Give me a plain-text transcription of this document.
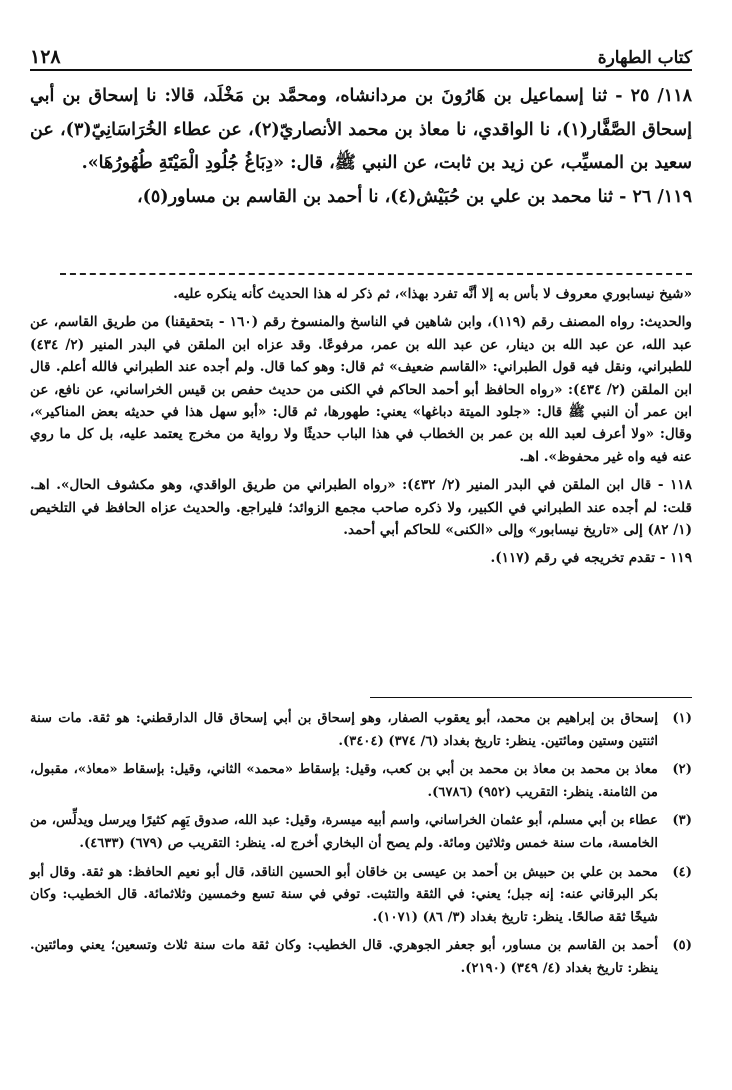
كتاب الطهارة
١٢٨

١١٨/ ٢٥ - ثنا إسماعيل بن هَارُونَ بن مردانشاه، ومحمَّد بن مَخْلَد، قالا: نا إسحاق بن أبي إسحاق الصَّفَّار(١)، نا الواقدي، نا معاذ بن محمد الأنصاريّ(٢)، عن عطاء الخُرَاسَانِيّ(٣)، عن سعيد بن المسيِّب، عن زيد بن ثابت، عن النبي ﷺ، قال: «دِبَاغُ جُلُودِ الْمَيْتَةِ طُهُورُهَا».

١١٩/ ٢٦ - ثنا محمد بن علي بن حُبَيْش(٤)، نا أحمد بن القاسم بن مساور(٥)،

«شيخ نيسابوري معروف لا بأس به إلا أنَّه تفرد بهذا»، ثم ذكر له هذا الحديث كأنه ينكره عليه.

والحديث: رواه المصنف رقم (١١٩)، وابن شاهين في الناسخ والمنسوخ رقم (١٦٠ - بتحقيقنا) من طريق القاسم، عن عبد الله، عن عبد الله بن دينار، عن عبد الله بن عمر، مرفوعًا. وقد عزاه ابن الملقن في البدر المنير (٢/ ٤٣٤) للطبراني، ونقل فيه قول الطبراني: «القاسم ضعيف» ثم قال: وهو كما قال. ولم أجده عند الطبراني فالله أعلم. قال ابن الملقن (٢/ ٤٣٤): «رواه الحافظ أبو أحمد الحاكم في الكنى من حديث حفص بن قيس الخراساني، عن نافع، عن ابن عمر أن النبي ﷺ قال: «جلود الميتة دباغها» يعني: طهورها، ثم قال: «أبو سهل هذا في حديثه بعض المناكير»، وقال: «ولا أعرف لعبد الله بن عمر بن الخطاب في هذا الباب حديثًا ولا رواية من مخرج يعتمد عليه، بل كل ما روي عنه فيه واه غير محفوظ». اهـ.

١١٨ - قال ابن الملقن في البدر المنير (٢/ ٤٣٢): «رواه الطبراني من طريق الواقدي، وهو مكشوف الحال». اهـ. قلت: لم أجده عند الطبراني في الكبير، ولا ذكره صاحب مجمع الزوائد؛ فليراجع. والحديث عزاه الحافظ في التلخيص (١/ ٨٢) إلى «تاريخ نيسابور» وإلى «الكنى» للحاكم أبي أحمد.

١١٩ - تقدم تخريجه في رقم (١١٧).

(١)
إسحاق بن إبراهيم بن محمد، أبو يعقوب الصفار، وهو إسحاق بن أبي إسحاق قال الدارقطني: هو ثقة. مات سنة اثنتين وستين ومائتين. ينظر: تاريخ بغداد (٦/ ٣٧٤) (٣٤٠٤).
(٢)
معاذ بن محمد بن معاذ بن محمد بن أبي بن كعب، وقيل: بإسقاط «محمد» الثاني، وقيل: بإسقاط «معاذ»، مقبول، من الثامنة. ينظر: التقريب (٩٥٢) (٦٧٨٦).
(٣)
عطاء بن أبي مسلم، أبو عثمان الخراساني، واسم أبيه ميسرة، وقيل: عبد الله، صدوق يَهِم كثيرًا ويرسل ويدلِّس، من الخامسة، مات سنة خمس وثلاثين ومائة. ولم يصح أن البخاري أخرج له. ينظر: التقريب ص (٦٧٩) (٤٦٣٣).
(٤)
محمد بن علي بن حبيش بن أحمد بن عيسى بن خاقان أبو الحسين الناقد، قال أبو نعيم الحافظ: هو ثقة. وقال أبو بكر البرقاني عنه: إنه جبل؛ يعني: في الثقة والتثبت. توفي في سنة تسع وخمسين وثلاثمائة. قال الخطيب: وكان شيخًا ثقة صالحًا. ينظر: تاريخ بغداد (٣/ ٨٦) (١٠٧١).
(٥)
أحمد بن القاسم بن مساور، أبو جعفر الجوهري. قال الخطيب: وكان ثقة مات سنة ثلاث وتسعين؛ يعني ومائتين. ينظر: تاريخ بغداد (٤/ ٣٤٩) (٢١٩٠).
